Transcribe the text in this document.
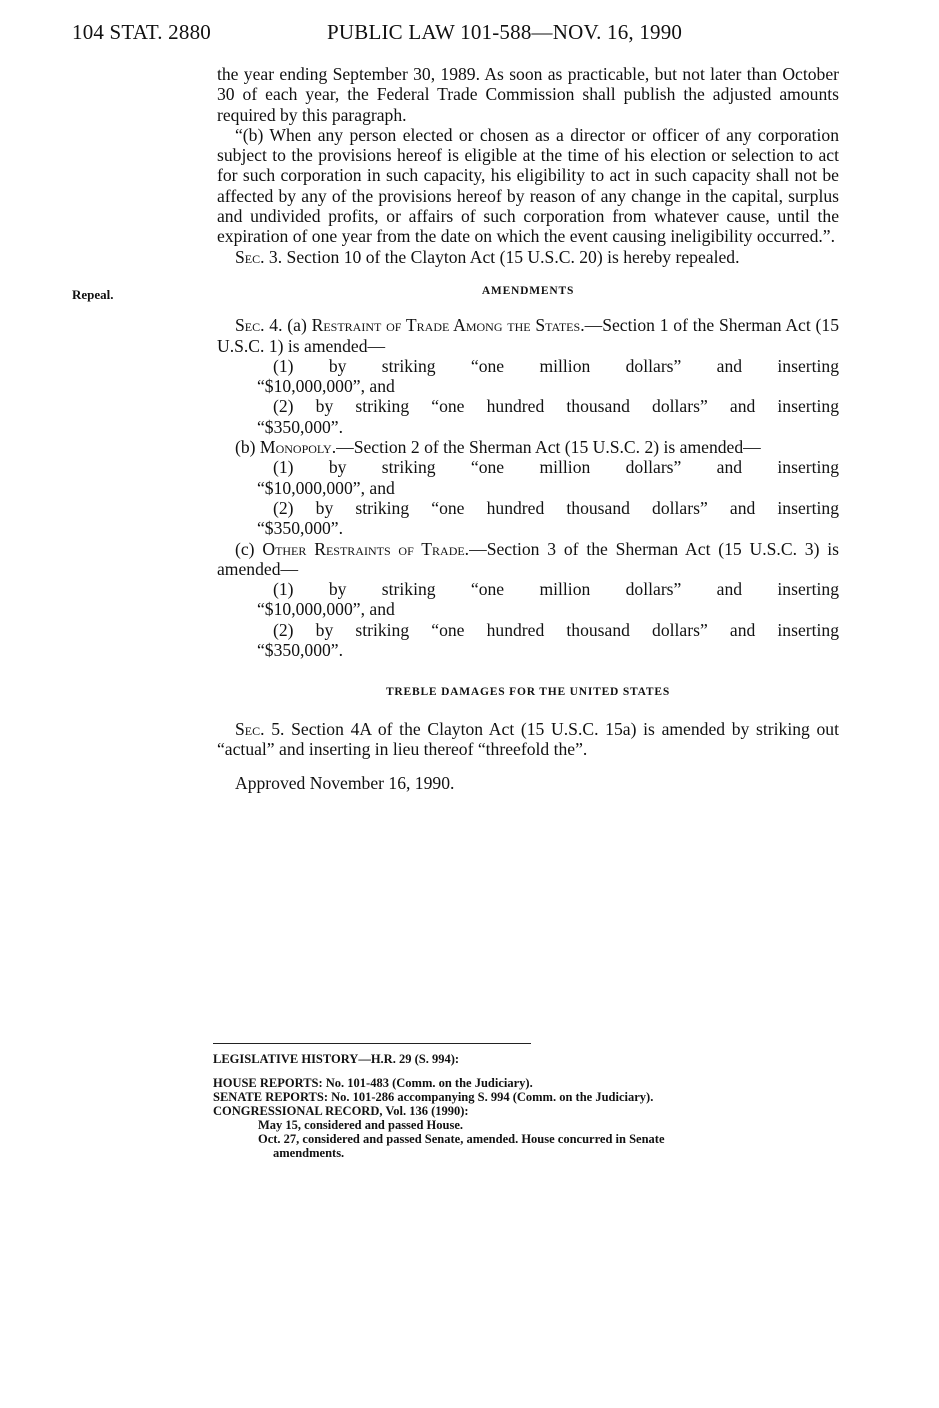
104 STAT. 2880	PUBLIC LAW 101-588—NOV. 16, 1990
Repeal.

the year ending September 30, 1989. As soon as practicable, but not later than October 30 of each year, the Federal Trade Commission shall publish the adjusted amounts required by this paragraph.

“(b) When any person elected or chosen as a director or officer of any corporation subject to the provisions hereof is eligible at the time of his election or selection to act for such corporation in such capacity, his eligibility to act in such capacity shall not be affected by any of the provisions hereof by reason of any change in the capital, surplus and undivided profits, or affairs of such corporation from whatever cause, until the expiration of one year from the date on which the event causing ineligibility occurred.”.

Sec. 3. Section 10 of the Clayton Act (15 U.S.C. 20) is hereby repealed.

AMENDMENTS

Sec. 4. (a) Restraint of Trade Among the States.—Section 1 of the Sherman Act (15 U.S.C. 1) is amended—

(1) by striking “one million dollars” and inserting

“$10,000,000”, and

(2) by striking “one hundred thousand dollars” and inserting

“$350,000”.

(b) Monopoly.—Section 2 of the Sherman Act (15 U.S.C. 2) is amended—

(1) by striking “one million dollars” and inserting

“$10,000,000”, and

(2) by striking “one hundred thousand dollars” and inserting

“$350,000”.

(c) Other Restraints of Trade.—Section 3 of the Sherman Act (15 U.S.C. 3) is amended—

(1) by striking “one million dollars” and inserting

“$10,000,000”, and

(2) by striking “one hundred thousand dollars” and inserting

“$350,000”.

TREBLE DAMAGES FOR THE UNITED STATES

Sec. 5. Section 4A of the Clayton Act (15 U.S.C. 15a) is amended by striking out “actual” and inserting in lieu thereof “threefold the”.

Approved November 16, 1990.

LEGISLATIVE HISTORY—H.R. 29 (S. 994):

HOUSE REPORTS: No. 101-483 (Comm. on the Judiciary).

SENATE REPORTS: No. 101-286 accompanying S. 994 (Comm. on the Judiciary).

CONGRESSIONAL RECORD, Vol. 136 (1990):

May 15, considered and passed House.

Oct. 27, considered and passed Senate, amended. House concurred in Senate

amendments.
